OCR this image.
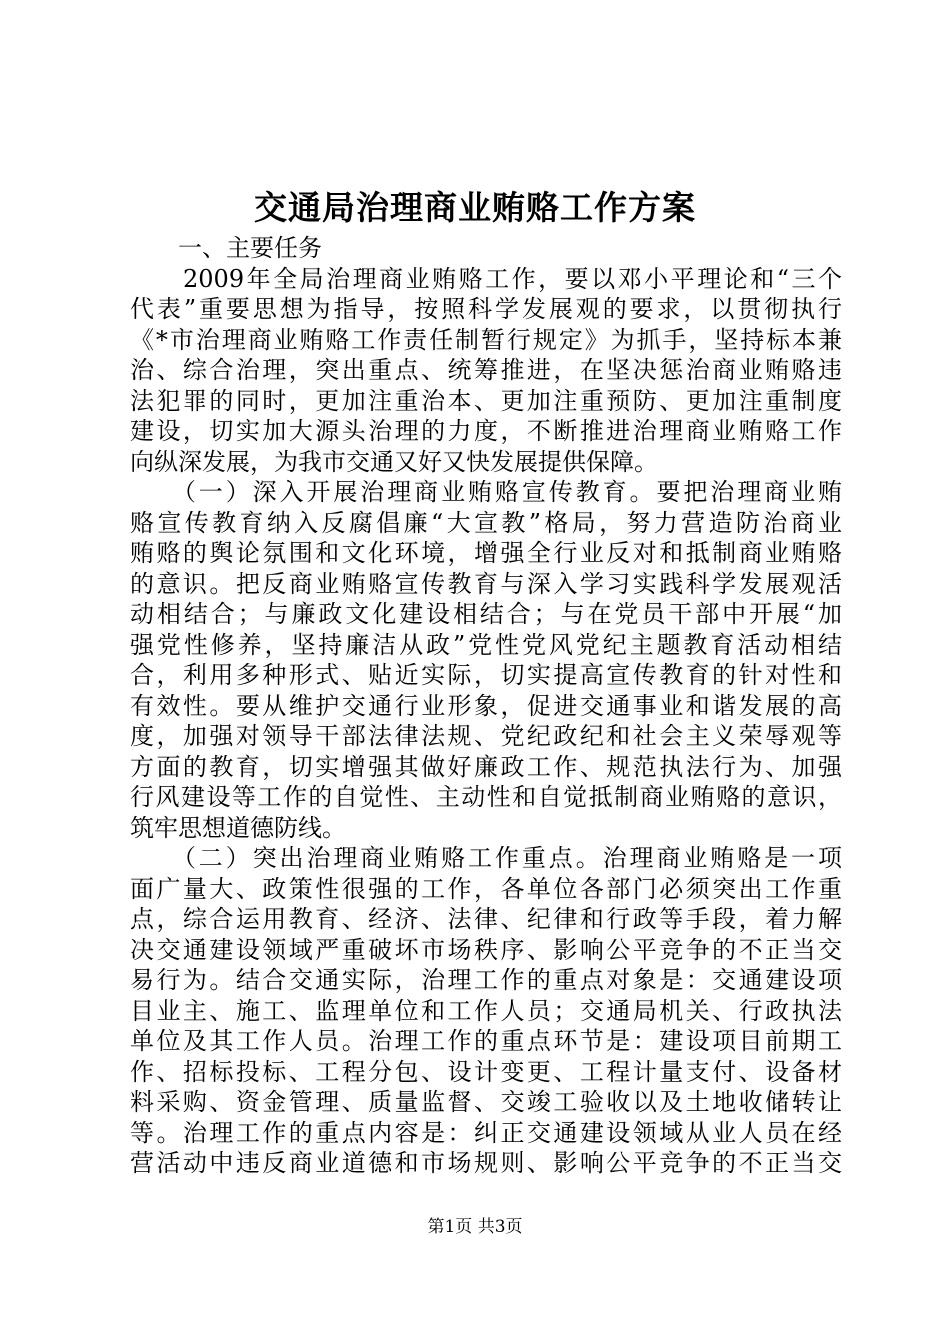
交通局治理商业贿赂工作方案
　　一、主要任务
　　2009年全局治理商业贿赂工作，要以邓小平理论和“三个
代表”重要思想为指导，按照科学发展观的要求，以贯彻执行
《*市治理商业贿赂工作责任制暂行规定》为抓手，坚持标本兼
治、综合治理，突出重点、统筹推进，在坚决惩治商业贿赂违
法犯罪的同时，更加注重治本、更加注重预防、更加注重制度
建设，切实加大源头治理的力度，不断推进治理商业贿赂工作
向纵深发展，为我市交通又好又快发展提供保障。
　　（一）深入开展治理商业贿赂宣传教育。要把治理商业贿
赂宣传教育纳入反腐倡廉“大宣教”格局，努力营造防治商业
贿赂的舆论氛围和文化环境，增强全行业反对和抵制商业贿赂
的意识。把反商业贿赂宣传教育与深入学习实践科学发展观活
动相结合；与廉政文化建设相结合；与在党员干部中开展“加
强党性修养，坚持廉洁从政”党性党风党纪主题教育活动相结
合，利用多种形式、贴近实际，切实提高宣传教育的针对性和
有效性。要从维护交通行业形象，促进交通事业和谐发展的高
度，加强对领导干部法律法规、党纪政纪和社会主义荣辱观等
方面的教育，切实增强其做好廉政工作、规范执法行为、加强
行风建设等工作的自觉性、主动性和自觉抵制商业贿赂的意识，
筑牢思想道德防线。
　　（二）突出治理商业贿赂工作重点。治理商业贿赂是一项
面广量大、政策性很强的工作，各单位各部门必须突出工作重
点，综合运用教育、经济、法律、纪律和行政等手段，着力解
决交通建设领域严重破坏市场秩序、影响公平竞争的不正当交
易行为。结合交通实际，治理工作的重点对象是：交通建设项
目业主、施工、监理单位和工作人员；交通局机关、行政执法
单位及其工作人员。治理工作的重点环节是：建设项目前期工
作、招标投标、工程分包、设计变更、工程计量支付、设备材
料采购、资金管理、质量监督、交竣工验收以及土地收储转让
等。治理工作的重点内容是：纠正交通建设领域从业人员在经
营活动中违反商业道德和市场规则、影响公平竞争的不正当交
第1页 共3页
